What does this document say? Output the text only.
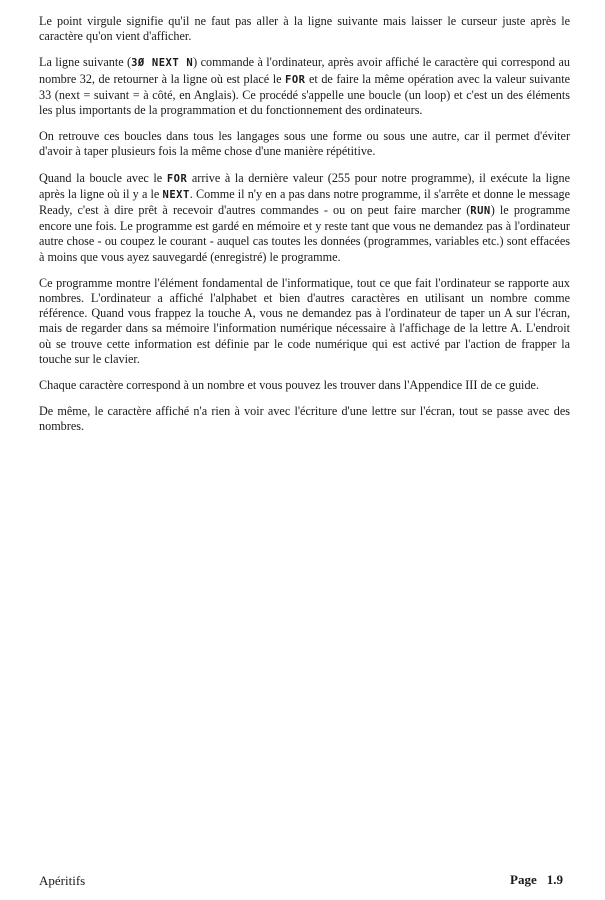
Le point virgule signifie qu'il ne faut pas aller à la ligne suivante mais laisser le curseur juste après le caractère qu'on vient d'afficher.

La ligne suivante (3Ø NEXT N) commande à l'ordinateur, après avoir affiché le caractère qui correspond au nombre 32, de retourner à la ligne où est placé le FOR et de faire la même opération avec la valeur suivante 33 (next = suivant = à côté, en Anglais). Ce procédé s'appelle une boucle (un loop) et c'est un des éléments les plus importants de la programmation et du fonctionnement des ordinateurs.

On retrouve ces boucles dans tous les langages sous une forme ou sous une autre, car il permet d'éviter d'avoir à taper plusieurs fois la même chose d'une manière répétitive.

Quand la boucle avec le FOR arrive à la dernière valeur (255 pour notre programme), il exécute la ligne après la ligne où il y a le NEXT. Comme il n'y en a pas dans notre programme, il s'arrête et donne le message Ready, c'est à dire prêt à recevoir d'autres commandes - ou on peut faire marcher (RUN) le programme encore une fois. Le programme est gardé en mémoire et y reste tant que vous ne demandez pas à l'ordinateur autre chose - ou coupez le courant - auquel cas toutes les données (programmes, variables etc.) sont effacées à moins que vous ayez sauvegardé (enregistré) le programme.

Ce programme montre l'élément fondamental de l'informatique, tout ce que fait l'ordinateur se rapporte aux nombres. L'ordinateur a affiché l'alphabet et bien d'autres caractères en utilisant un nombre comme référence. Quand vous frappez la touche A, vous ne demandez pas à l'ordinateur de taper un A sur l'écran, mais de regarder dans sa mémoire l'information numérique nécessaire à l'affichage de la lettre A. L'endroit où se trouve cette information est définie par le code numérique qui est activé par l'action de frapper la touche sur le clavier.

Chaque caractère correspond à un nombre et vous pouvez les trouver dans l'Appendice III de ce guide.

De même, le caractère affiché n'a rien à voir avec l'écriture d'une lettre sur l'écran, tout se passe avec des nombres.

Apéritifs	Page 1.9
